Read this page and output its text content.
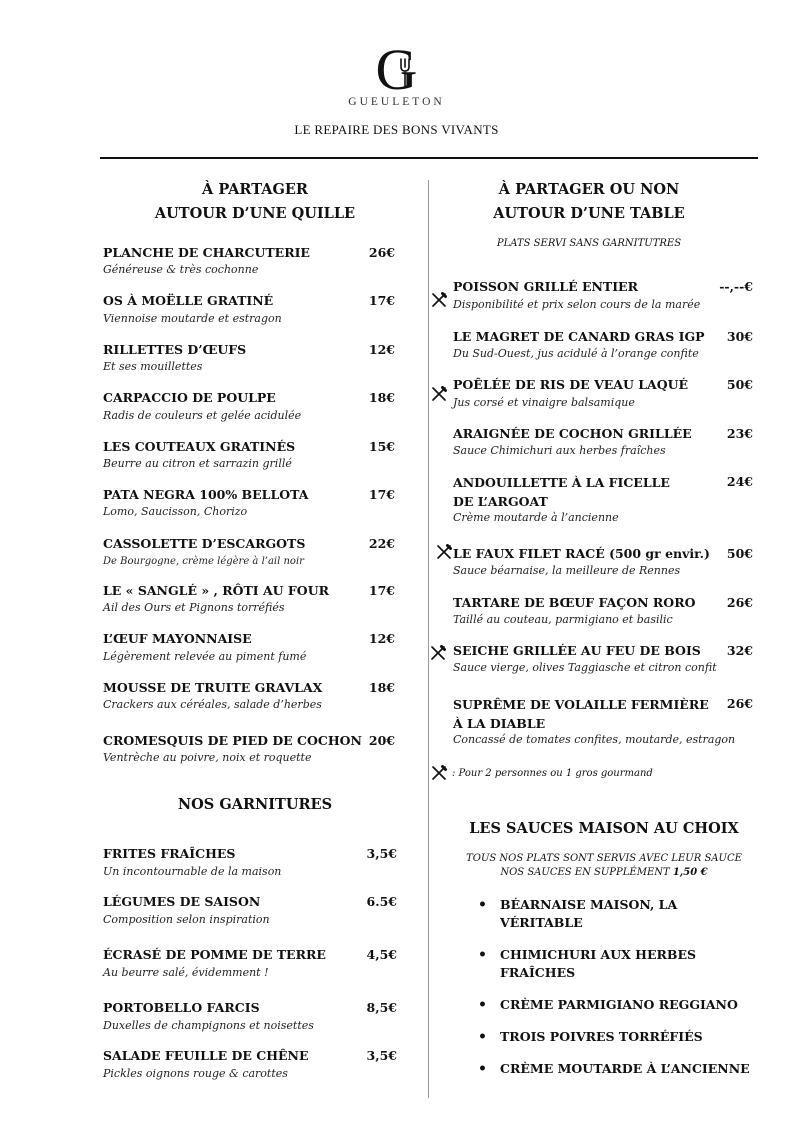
G
GUEULETON
LE REPAIRE DES BONS VIVANTS
À PARTAGER
AUTOUR D’UNE QUILLE
PLANCHE DE CHARCUTERIE	26€
Généreuse & très cochonne
OS À MOËLLE GRATINÉ	17€
Viennoise moutarde et estragon
RILLETTES D’ŒUFS	12€
Et ses mouillettes
CARPACCIO DE POULPE	18€
Radis de couleurs et gelée acidulée
LES COUTEAUX GRATINÉS	15€
Beurre au citron et sarrazin grillé
PATA NEGRA 100% BELLOTA	17€
Lomo, Saucisson, Chorizo
CASSOLETTE D’ESCARGOTS	22€
De Bourgogne, crème légère à l’ail noir
LE « SANGLÉ » , RÔTI AU FOUR	17€
Ail des Ours et Pignons torréfiés
L’ŒUF MAYONNAISE	12€
Légèrement relevée au piment fumé
MOUSSE DE TRUITE GRAVLAX	18€
Crackers aux céréales, salade d’herbes
CROMESQUIS DE PIED DE COCHON 20€
Ventrèche au poivre, noix et roquette
NOS GARNITURES
FRITES FRAÎCHES	3,5€
Un incontournable de la maison
LÉGUMES DE SAISON	6.5€
Composition selon inspiration
ÉCRASÉ DE POMME DE TERRE	4,5€
Au beurre salé, évidemment !
PORTOBELLO FARCIS	8,5€
Duxelles de champignons et noisettes
SALADE FEUILLE DE CHÊNE	3,5€
Pickles oignons rouge & carottes
À PARTAGER OU NON
AUTOUR D’UNE TABLE
PLATS SERVI SANS GARNITUTRES
POISSON GRILLÉ ENTIER	--,--€
Disponibilité et prix selon cours de la marée
LE MAGRET DE CANARD GRAS IGP 30€
Du Sud-Ouest, jus acidulé à l’orange confite
POÊLÉE DE RIS DE VEAU LAQUÉ	50€
Jus corsé et vinaigre balsamique
ARAIGNÉE DE COCHON GRILLÉE	23€
Sauce Chimichuri aux herbes fraîches
ANDOUILLETTE À LA FICELLE DE L’ARGOAT
24€
Crème moutarde à l’ancienne
LE FAUX FILET RACÉ (500 gr envir.) 50€
Sauce béarnaise, la meilleure de Rennes
TARTARE DE BŒUF FAÇON RORO	26€
Taillé au couteau, parmigiano et basilic
SEICHE GRILLÉE AU FEU DE BOIS 32€
Sauce vierge, olives Taggiasche et citron confit
SUPRÊME DE VOLAILLE FERMIÈRE À LA DIABLE
26€
Concassé de tomates confites, moutarde, estragon
: Pour 2 personnes ou 1 gros gourmand
LES SAUCES MAISON AU CHOIX
TOUS NOS PLATS SONT SERVIS AVEC LEUR SAUCE
NOS SAUCES EN SUPPLÉMENT 1,50 €
• BÉARNAISE MAISON, LA VÉRITABLE
• CHIMICHURI AUX HERBES FRAÎCHES
• CRÈME PARMIGIANO REGGIANO
• TROIS POIVRES TORRÉFIÉS
• CRÈME MOUTARDE À L’ANCIENNE
